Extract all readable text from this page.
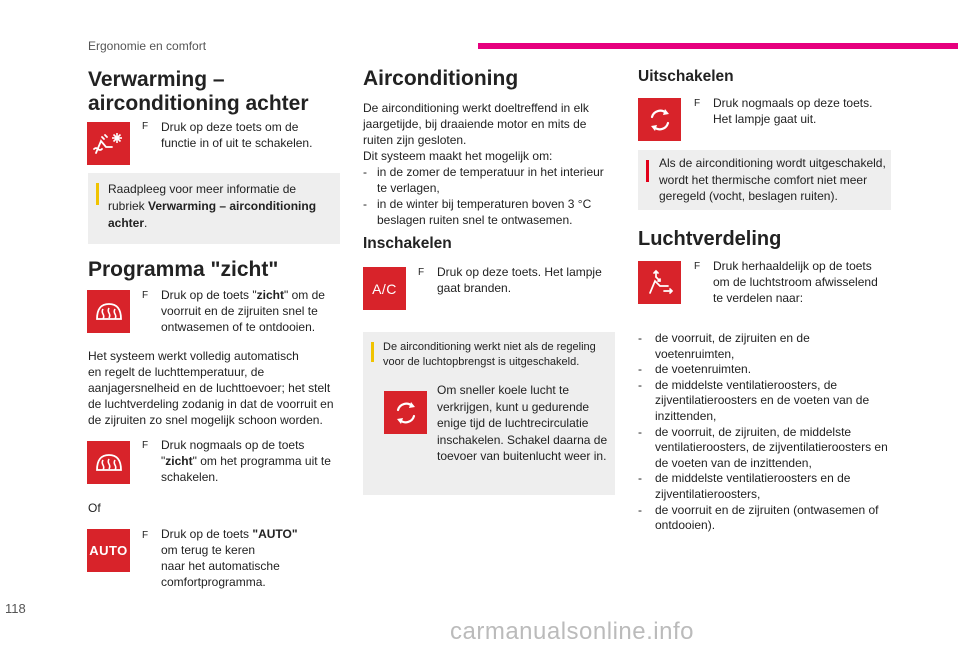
Ergonomie en comfort
Verwarming –
airconditioning achter
F Druk op deze toets om de
functie in of uit te schakelen.
Raadpleeg voor meer informatie de
rubriek Verwarming – airconditioning
achter.
Programma "zicht"
F Druk op de toets "zicht" om de
voorruit en de zijruiten snel te
ontwasemen of te ontdooien.
Het systeem werkt volledig automatisch
en regelt de luchttemperatuur, de
aanjagersnelheid en de luchttoevoer; het stelt
de luchtverdeling zodanig in dat de voorruit en
de zijruiten zo snel mogelijk schoon worden.
F Druk nogmaals op de toets
"zicht" om het programma uit te
schakelen.
Of
AUTO
F Druk op de toets "AUTO"
om terug te keren
naar het automatische
comfortprogramma.
Airconditioning
De airconditioning werkt doeltreffend in elk
jaargetijde, bij draaiende motor en mits de
ruiten zijn gesloten.
Dit systeem maakt het mogelijk om:
- in de zomer de temperatuur in het interieur
te verlagen,
- in de winter bij temperaturen boven 3 °C
beslagen ruiten snel te ontwasemen.
Inschakelen
A/C
F Druk op deze toets. Het lampje
gaat branden.
De airconditioning werkt niet als de regeling
voor de luchtopbrengst is uitgeschakeld.
Om sneller koele lucht te
verkrijgen, kunt u gedurende
enige tijd de luchtrecirculatie
inschakelen. Schakel daarna de
toevoer van buitenlucht weer in.
Uitschakelen
F Druk nogmaals op deze toets.
Het lampje gaat uit.
Als de airconditioning wordt uitgeschakeld,
wordt het thermische comfort niet meer
geregeld (vocht, beslagen ruiten).
Luchtverdeling
F Druk herhaaldelijk op de toets
om de luchtstroom afwisselend
te verdelen naar:
- de voorruit, de zijruiten en de
voetenruimten,
- de voetenruimten.
- de middelste ventilatieroosters, de
zijventilatieroosters en de voeten van de
inzittenden,
- de voorruit, de zijruiten, de middelste
ventilatieroosters, de zijventilatieroosters en
de voeten van de inzittenden,
- de middelste ventilatieroosters en de
zijventilatieroosters,
- de voorruit en de zijruiten (ontwasemen of
ontdooien).
118
carmanualsonline.info
